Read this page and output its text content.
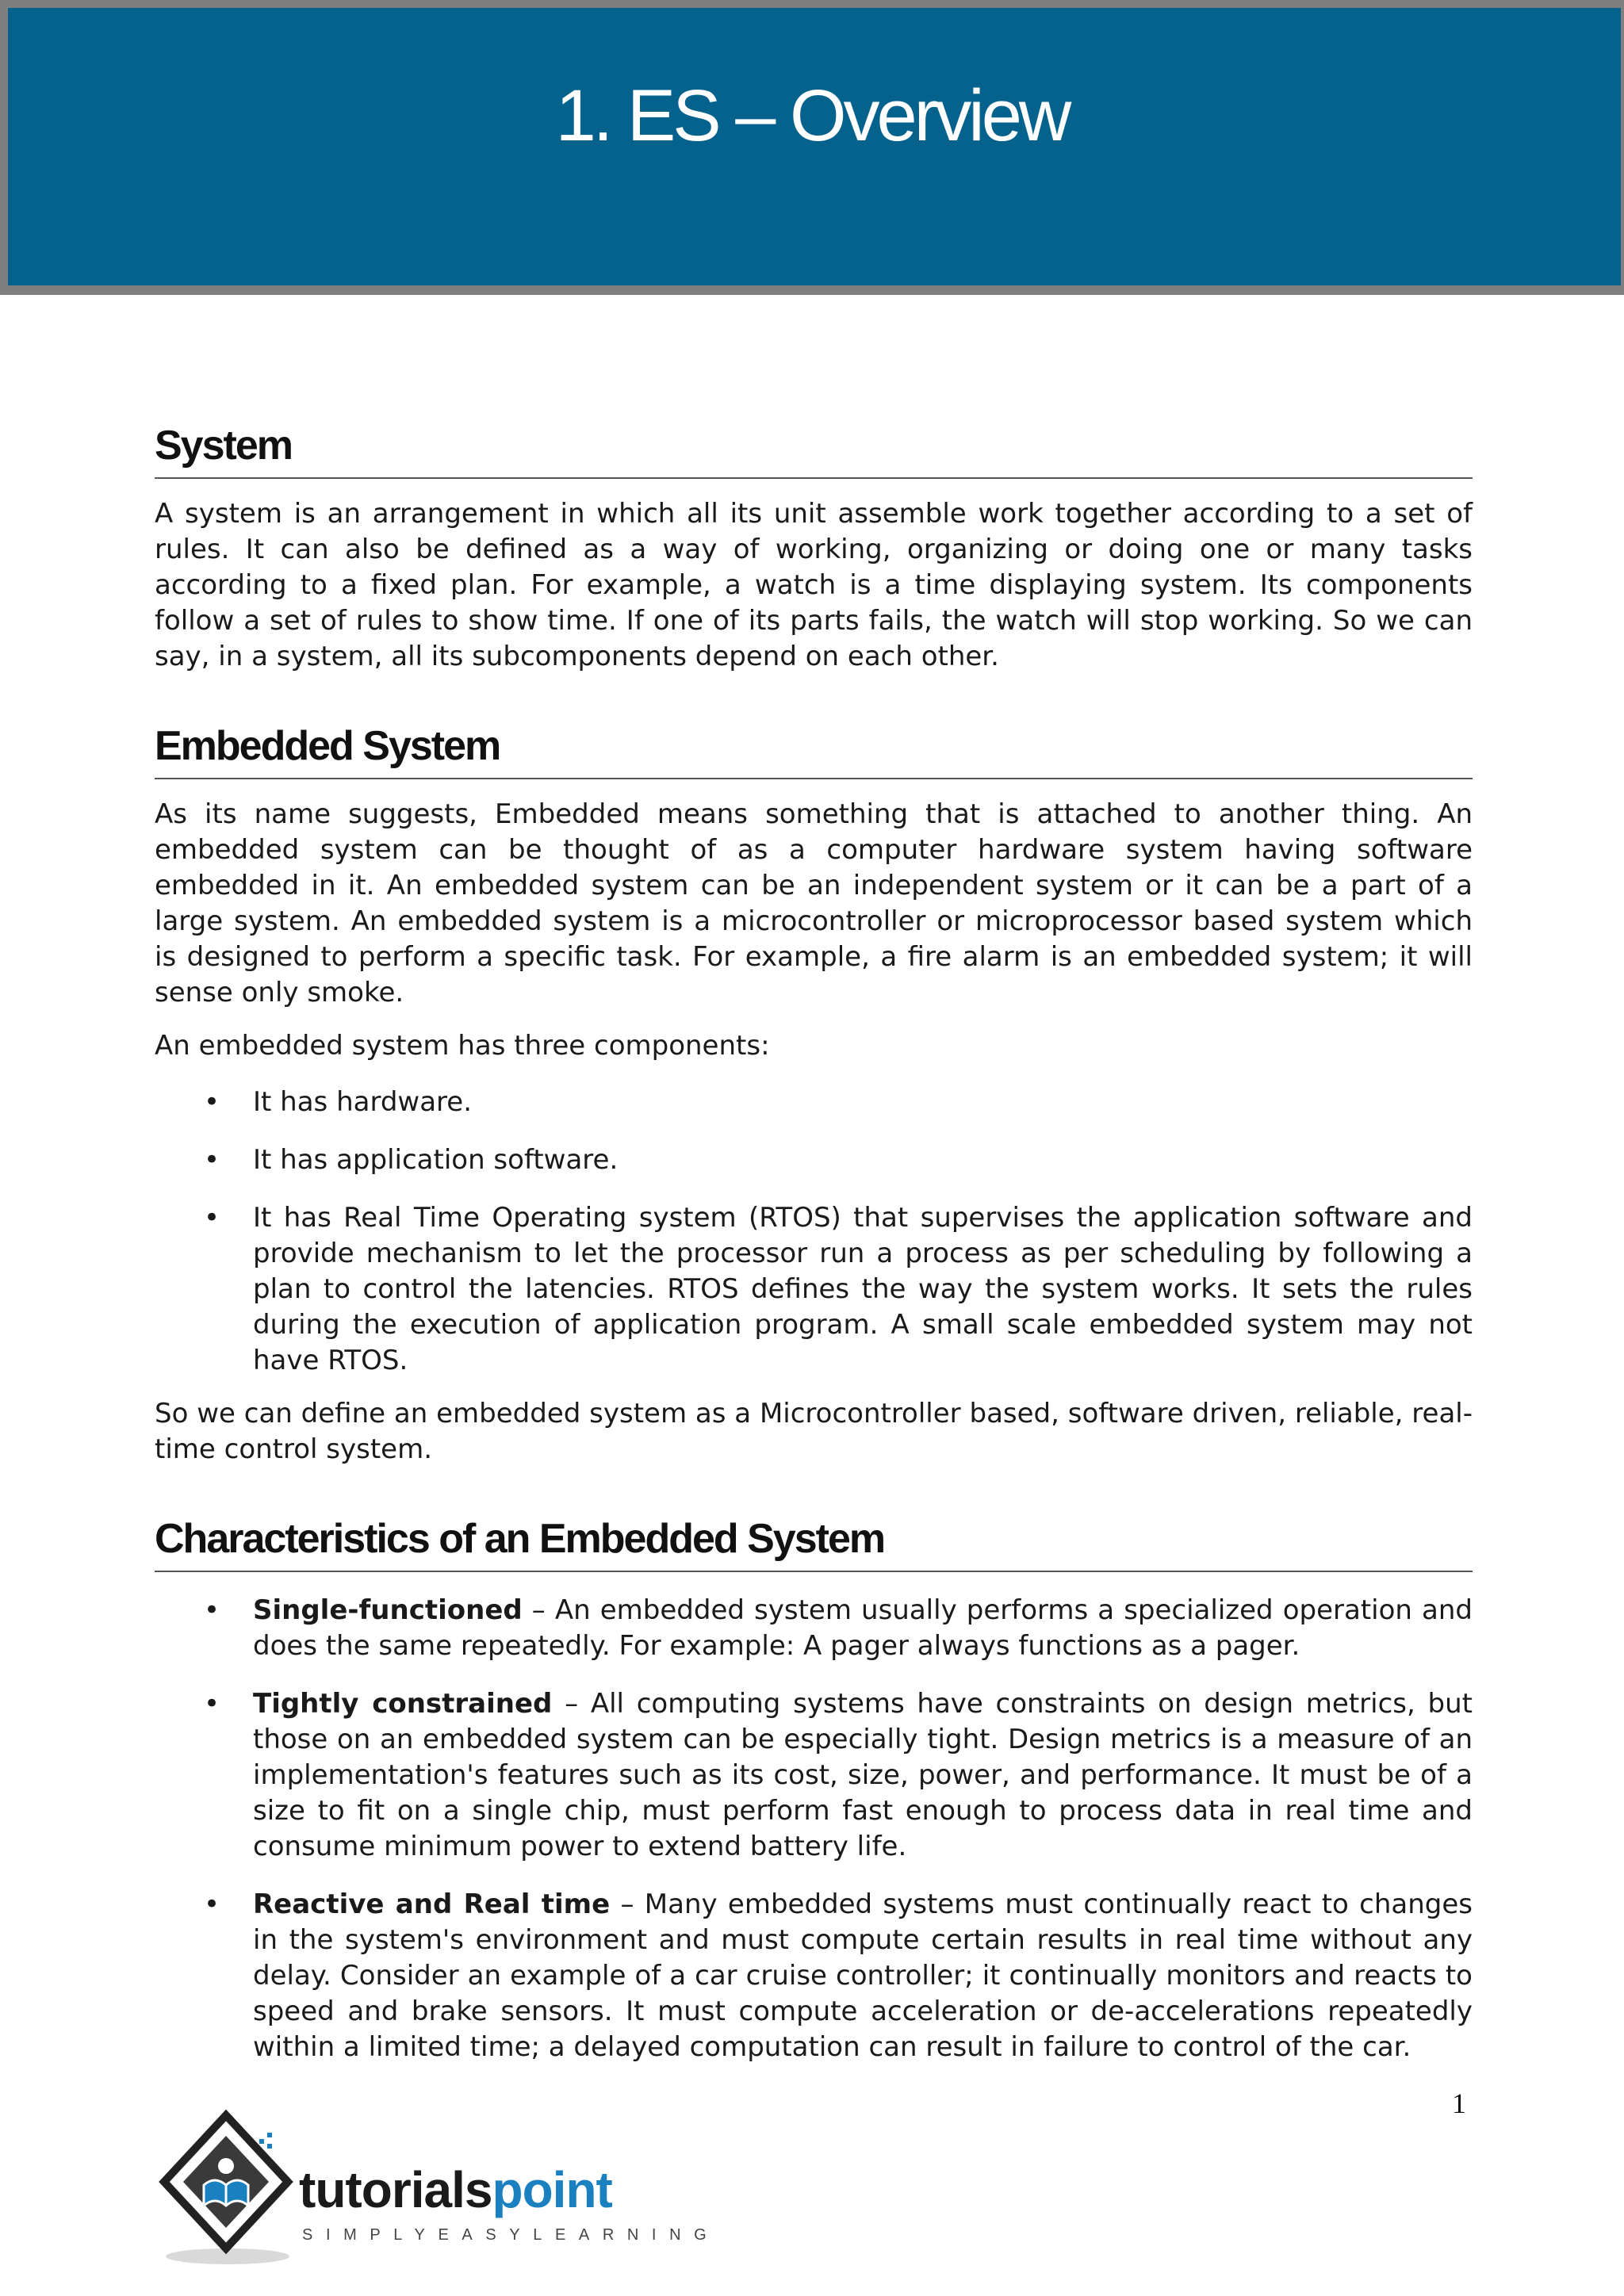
1. ES – Overview
System

A system is an arrangement in which all its unit assemble work together according to a set of rules. It can also be defined as a way of working, organizing or doing one or many tasks according to a fixed plan. For example, a watch is a time displaying system. Its components follow a set of rules to show time. If one of its parts fails, the watch will stop working. So we can say, in a system, all its subcomponents depend on each other.

Embedded System

As its name suggests, Embedded means something that is attached to another thing. An embedded system can be thought of as a computer hardware system having software embedded in it. An embedded system can be an independent system or it can be a part of a large system. An embedded system is a microcontroller or microprocessor based system which is designed to perform a specific task. For example, a fire alarm is an embedded system; it will sense only smoke.

An embedded system has three components:

• It has hardware.
• It has application software.
• It has Real Time Operating system (RTOS) that supervises the application software and provide mechanism to let the processor run a process as per scheduling by following a plan to control the latencies. RTOS defines the way the system works. It sets the rules during the execution of application program. A small scale embedded system may not have RTOS.

So we can define an embedded system as a Microcontroller based, software driven, reliable, real-time control system.

Characteristics of an Embedded System
• Single-functioned – An embedded system usually performs a specialized operation and does the same repeatedly. For example: A pager always functions as a pager.
• Tightly constrained – All computing systems have constraints on design metrics, but those on an embedded system can be especially tight. Design metrics is a measure of an implementation's features such as its cost, size, power, and performance. It must be of a size to fit on a single chip, must perform fast enough to process data in real time and consume minimum power to extend battery life.
• Reactive and Real time – Many embedded systems must continually react to changes in the system's environment and must compute certain results in real time without any delay. Consider an example of a car cruise controller; it continually monitors and reacts to speed and brake sensors. It must compute acceleration or de-accelerations repeatedly within a limited time; a delayed computation can result in failure to control of the car.
1
tutorialspoint
SIMPLYEASYLEARNING
